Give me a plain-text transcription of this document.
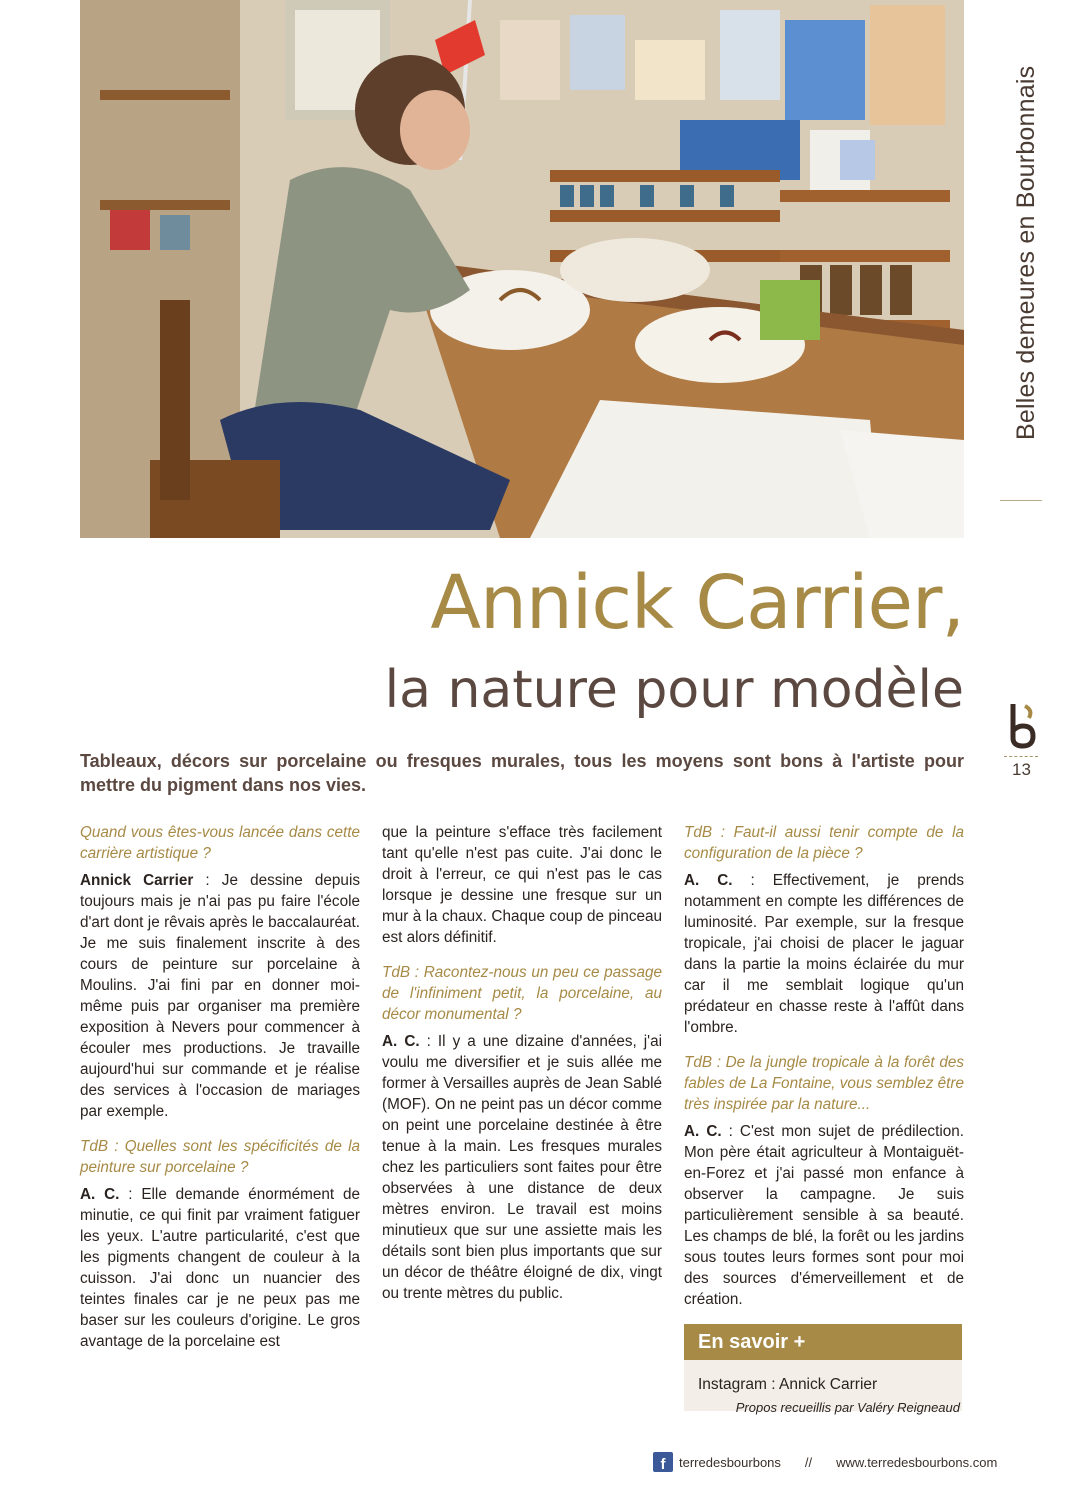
Belles demeures en Bourbonnais
13
Annick Carrier,
la nature pour modèle
Tableaux, décors sur porcelaine ou fresques murales, tous les moyens sont bons à l'artiste pour mettre du pigment dans nos vies.

Quand vous êtes-vous lancée dans cette carrière artistique ?

Annick Carrier : Je dessine depuis toujours mais je n'ai pas pu faire l'école d'art dont je rêvais après le baccalauréat. Je me suis finalement inscrite à des cours de peinture sur porcelaine à Moulins. J'ai fini par en donner moi-même puis par organiser ma première exposition à Nevers pour commencer à écouler mes productions. Je travaille aujourd'hui sur commande et je réalise des services à l'occasion de mariages par exemple.

TdB : Quelles sont les spécificités de la peinture sur porcelaine ?

A. C. : Elle demande énormément de minutie, ce qui finit par vraiment fatiguer les yeux. L'autre particularité, c'est que les pigments changent de couleur à la cuisson. J'ai donc un nuancier des teintes finales car je ne peux pas me baser sur les couleurs d'origine. Le gros avantage de la porcelaine est

que la peinture s'efface très facilement tant qu'elle n'est pas cuite. J'ai donc le droit à l'erreur, ce qui n'est pas le cas lorsque je dessine une fresque sur un mur à la chaux. Chaque coup de pinceau est alors définitif.

TdB : Racontez-nous un peu ce passage de l'infiniment petit, la porcelaine, au décor monumental ?

A. C. : Il y a une dizaine d'années, j'ai voulu me diversifier et je suis allée me former à Versailles auprès de Jean Sablé (MOF). On ne peint pas un décor comme on peint une porcelaine destinée à être tenue à la main. Les fresques murales chez les particuliers sont faites pour être observées à une distance de deux mètres environ. Le travail est moins minutieux que sur une assiette mais les détails sont bien plus importants que sur un décor de théâtre éloigné de dix, vingt ou trente mètres du public.

TdB : Faut-il aussi tenir compte de la configuration de la pièce ?

A. C. : Effectivement, je prends notamment en compte les différences de luminosité. Par exemple, sur la fresque tropicale, j'ai choisi de placer le jaguar dans la partie la moins éclairée du mur car il me semblait logique qu'un prédateur en chasse reste à l'affût dans l'ombre.

TdB : De la jungle tropicale à la forêt des fables de La Fontaine, vous semblez être très inspirée par la nature...

A. C. : C'est mon sujet de prédilection. Mon père était agriculteur à Montaiguët-en-Forez et j'ai passé mon enfance à observer la campagne. Je suis particulièrement sensible à sa beauté. Les champs de blé, la forêt ou les jardins sous toutes leurs formes sont pour moi des sources d'émerveillement et de création.

En savoir +
Instagram : Annick Carrier
Propos recueillis par Valéry Reigneaud
f	terredesbourbons // www.terredesbourbons.com
